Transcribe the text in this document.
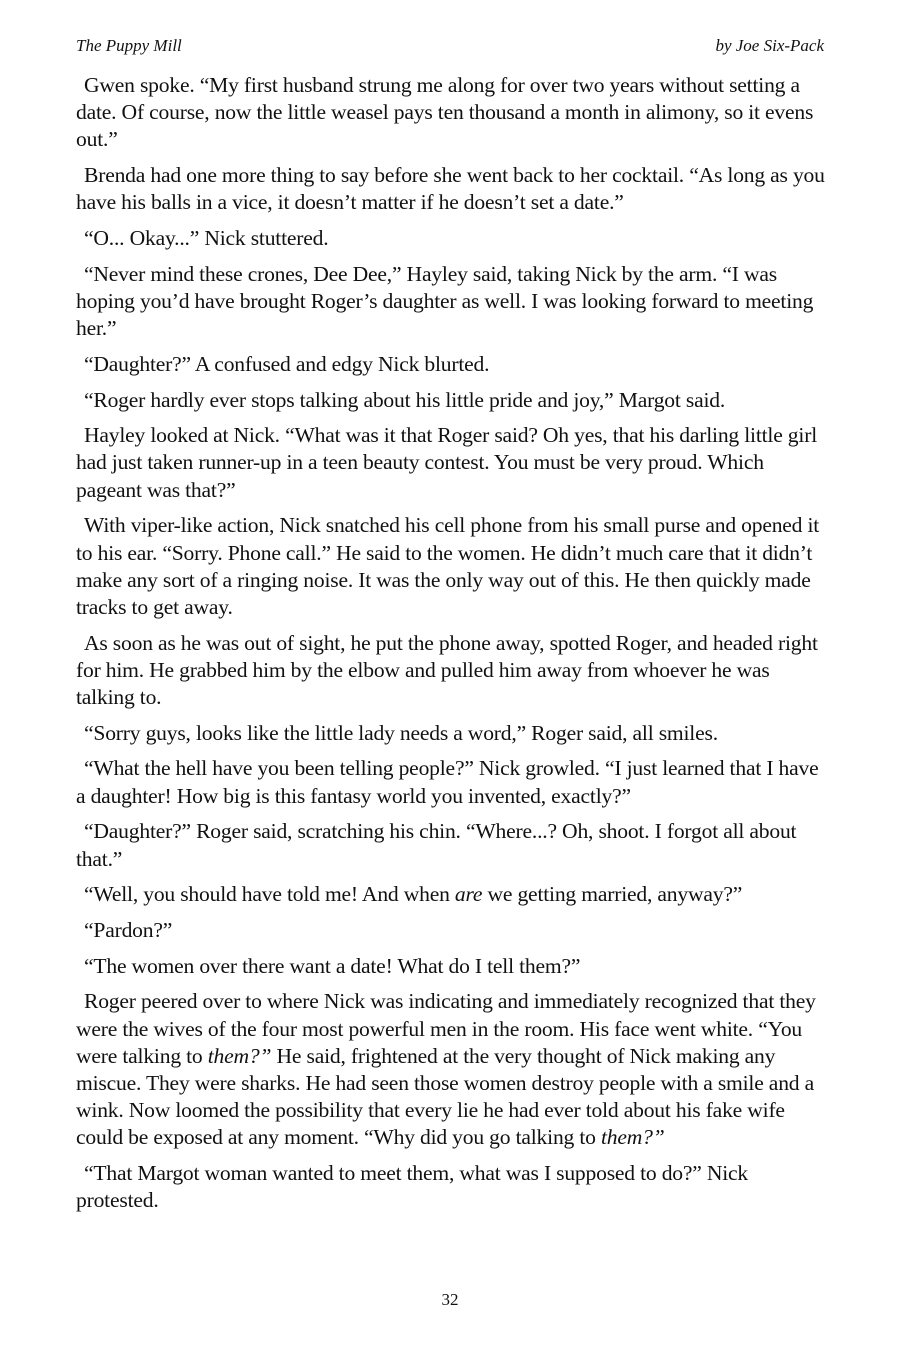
The Puppy Mill	by Joe Six-Pack

Gwen spoke. “My first husband strung me along for over two years without setting a date. Of course, now the little weasel pays ten thousand a month in alimony, so it evens out.”

Brenda had one more thing to say before she went back to her cocktail. “As long as you have his balls in a vice, it doesn’t matter if he doesn’t set a date.”

“O... Okay...” Nick stuttered.

“Never mind these crones, Dee Dee,” Hayley said, taking Nick by the arm. “I was hoping you’d have brought Roger’s daughter as well. I was looking forward to meeting her.”

“Daughter?” A confused and edgy Nick blurted.

“Roger hardly ever stops talking about his little pride and joy,” Margot said.

Hayley looked at Nick. “What was it that Roger said? Oh yes, that his darling little girl had just taken runner-up in a teen beauty contest. You must be very proud. Which pageant was that?”

With viper-like action, Nick snatched his cell phone from his small purse and opened it to his ear. “Sorry. Phone call.” He said to the women. He didn’t much care that it didn’t make any sort of a ringing noise. It was the only way out of this. He then quickly made tracks to get away.

As soon as he was out of sight, he put the phone away, spotted Roger, and headed right for him. He grabbed him by the elbow and pulled him away from whoever he was talking to.

“Sorry guys, looks like the little lady needs a word,” Roger said, all smiles.

“What the hell have you been telling people?” Nick growled. “I just learned that I have a daughter! How big is this fantasy world you invented, exactly?”

“Daughter?” Roger said, scratching his chin. “Where...? Oh, shoot. I forgot all about that.”

“Well, you should have told me! And when are we getting married, anyway?”

“Pardon?”

“The women over there want a date! What do I tell them?”

Roger peered over to where Nick was indicating and immediately recognized that they were the wives of the four most powerful men in the room. His face went white. “You were talking to them?” He said, frightened at the very thought of Nick making any miscue. They were sharks. He had seen those women destroy people with a smile and a wink. Now loomed the possibility that every lie he had ever told about his fake wife could be exposed at any moment. “Why did you go talking to them?”

“That Margot woman wanted to meet them, what was I supposed to do?” Nick protested.

32
